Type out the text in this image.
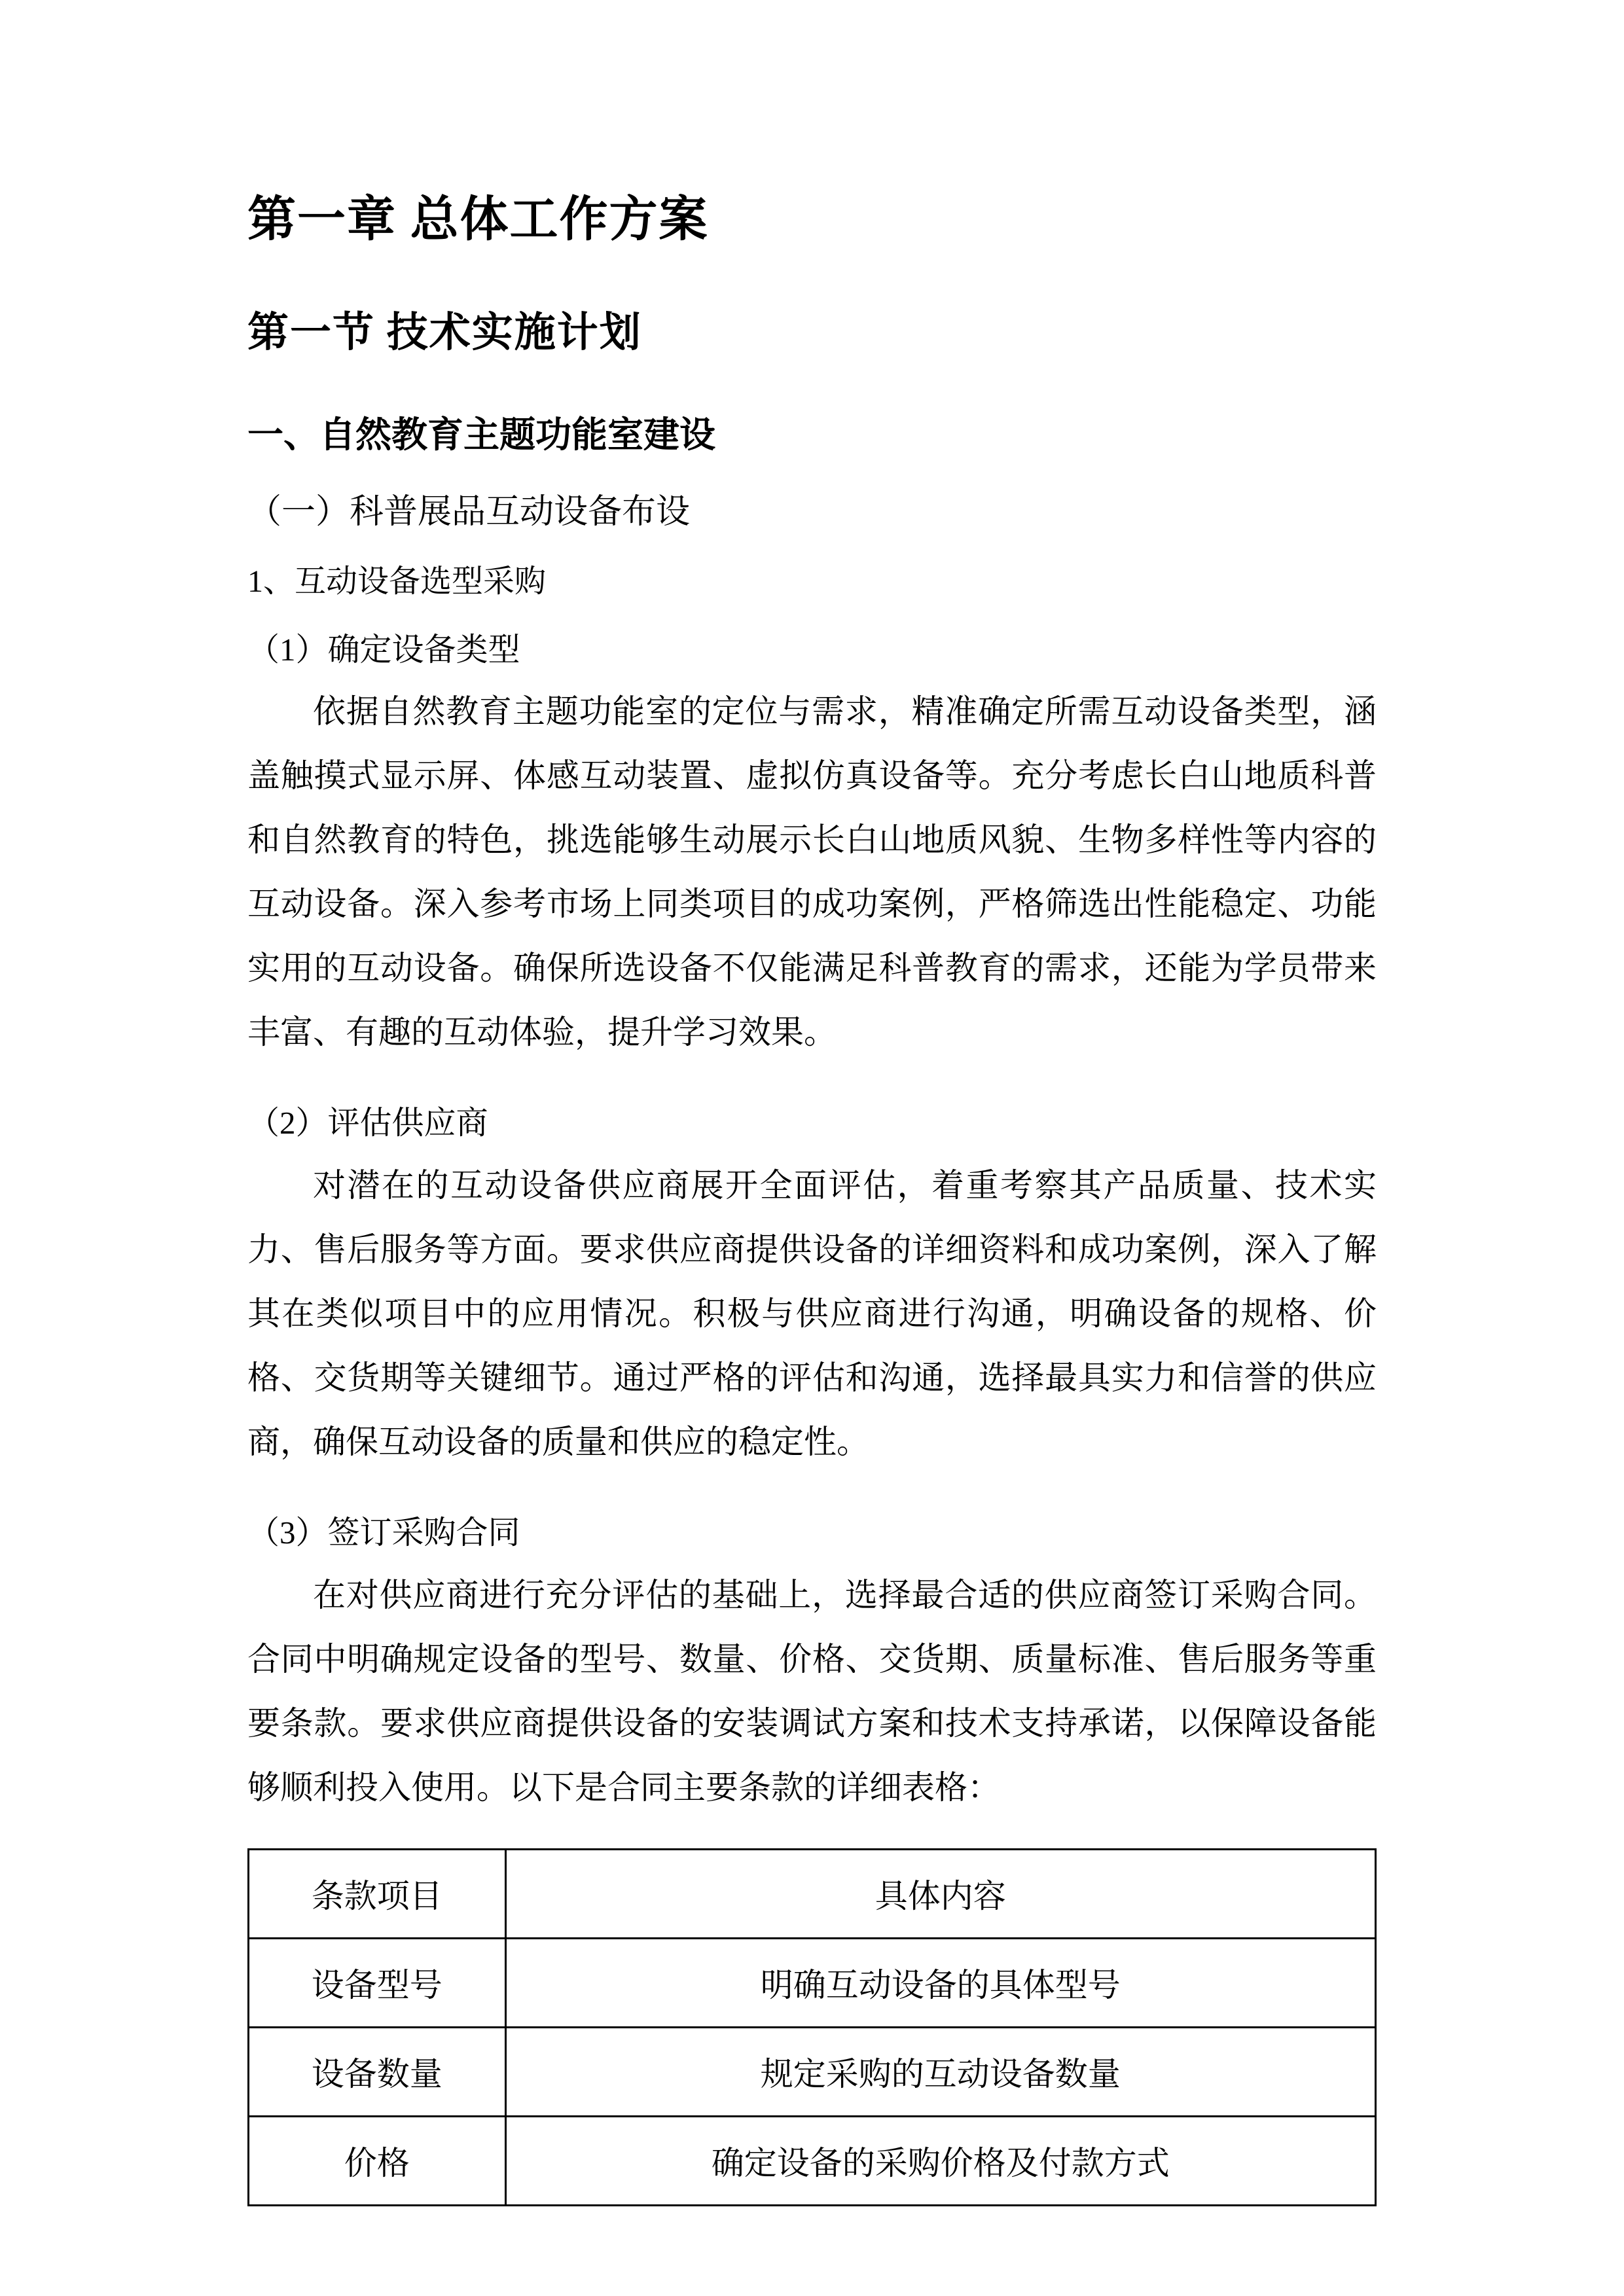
第一章 总体工作方案
第一节 技术实施计划
一、自然教育主题功能室建设
（一）科普展品互动设备布设
1、互动设备选型采购
（1）确定设备类型

依据自然教育主题功能室的定位与需求，精准确定所需互动设备类型，涵盖触摸式显示屏、体感互动装置、虚拟仿真设备等。充分考虑长白山地质科普和自然教育的特色，挑选能够生动展示长白山地质风貌、生物多样性等内容的互动设备。深入参考市场上同类项目的成功案例，严格筛选出性能稳定、功能实用的互动设备。确保所选设备不仅能满足科普教育的需求，还能为学员带来丰富、有趣的互动体验，提升学习效果。

（2）评估供应商

对潜在的互动设备供应商展开全面评估，着重考察其产品质量、技术实力、售后服务等方面。要求供应商提供设备的详细资料和成功案例，深入了解其在类似项目中的应用情况。积极与供应商进行沟通，明确设备的规格、价格、交货期等关键细节。通过严格的评估和沟通，选择最具实力和信誉的供应商，确保互动设备的质量和供应的稳定性。

（3）签订采购合同

在对供应商进行充分评估的基础上，选择最合适的供应商签订采购合同。合同中明确规定设备的型号、数量、价格、交货期、质量标准、售后服务等重要条款。要求供应商提供设备的安装调试方案和技术支持承诺，以保障设备能够顺利投入使用。以下是合同主要条款的详细表格：

条款项目	具体内容
设备型号	明确互动设备的具体型号
设备数量	规定采购的互动设备数量
价格	确定设备的采购价格及付款方式
